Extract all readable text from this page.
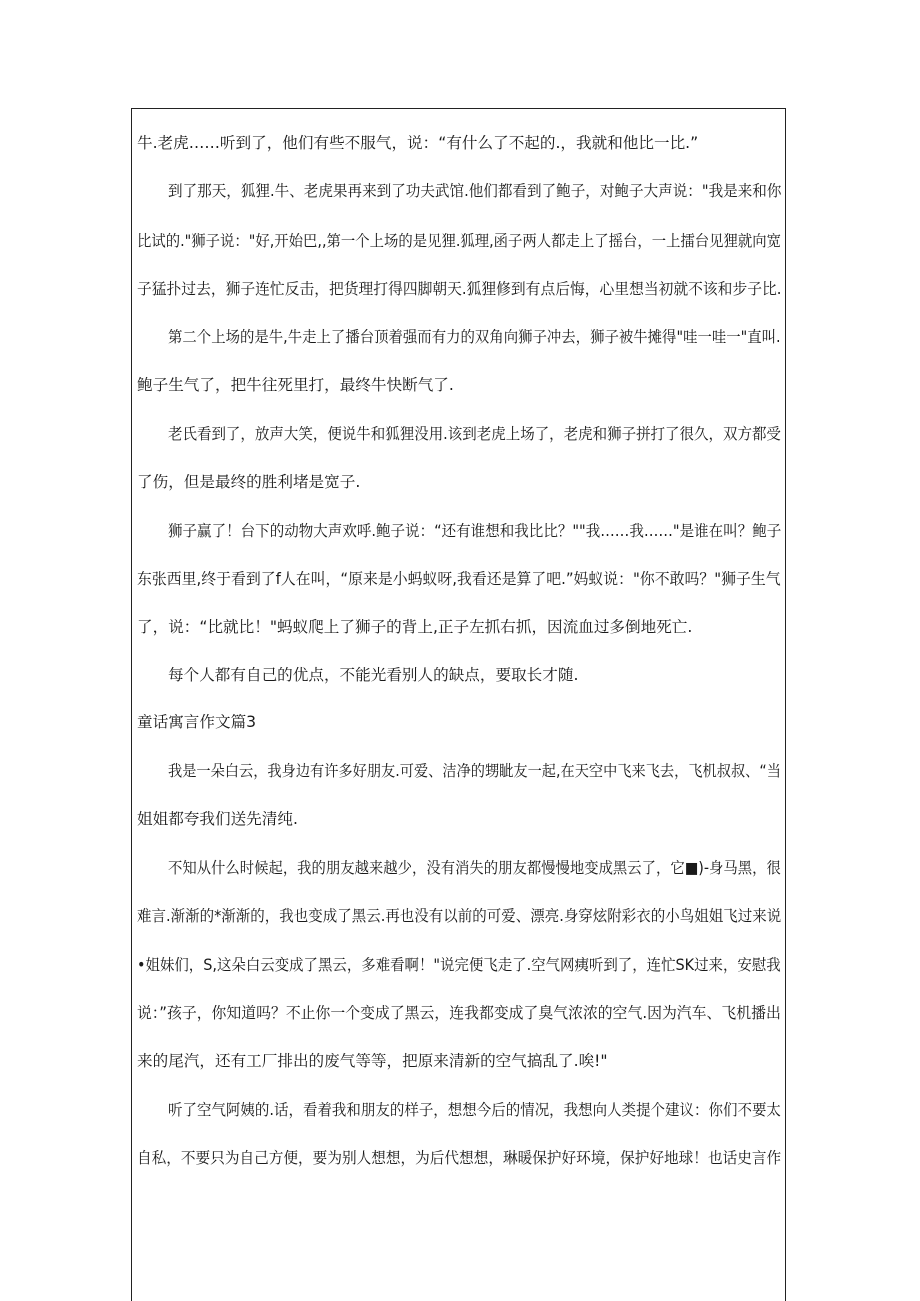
牛.老虎……听到了，他们有些不服气，说：“有什么了不起的.，我就和他比一比.”
到了那天，狐狸.牛、老虎果再来到了功夫武馆.他们都看到了鲍子，对鲍子大声说："我是来和你
比试的."狮子说："好,开始巴,,第一个上场的是见狸.狐理,函子两人都走上了摇台，一上擂台见狸就向宽
子猛扑过去，狮子连忙反击，把货理打得四脚朝天.狐狸修到有点后悔，心里想当初就不该和步子比.
第二个上场的是牛,牛走上了播台顶着强而有力的双角向狮子冲去，狮子被牛摊得"哇一哇一"直叫.
鲍子生气了，把牛往死里打，最终牛快断气了.
老氏看到了，放声大笑，便说牛和狐狸没用.该到老虎上场了，老虎和狮子拼打了很久，双方都受
了伤，但是最终的胜利堵是宽子.
狮子赢了！台下的动物大声欢呼.鲍子说：“还有谁想和我比比？""我……我……"是谁在叫？鲍子
东张西里,终于看到了f人在叫，“原来是小蚂蚁呀,我看还是算了吧.”妈蚁说："你不敢吗？"狮子生气
了，说：“比就比！"蚂蚁爬上了狮子的背上,正子左抓右抓，因流血过多倒地死亡.
每个人都有自己的优点，不能光看别人的缺点，要取长才随.
童话寓言作文篇3
我是一朵白云，我身边有许多好朋友.可爱、洁净的甥眦友一起,在天空中飞来飞去，飞机叔叔、“当
姐姐都夸我们送先清纯.
不知从什么时候起，我的朋友越来越少，没有消失的朋友都慢慢地变成黑云了，它■)-身马黑，很
难言.渐渐的*渐渐的，我也变成了黑云.再也没有以前的可爱、漂亮.身穿炫附彩衣的小鸟姐姐飞过来说
•姐妹们，S,这朵白云变成了黑云，多难看啊！"说完便飞走了.空气网痍听到了，连忙SK过来，安慰我
说：”孩子，你知道吗？不止你一个变成了黑云，连我都变成了臭气浓浓的空气.因为汽车、飞机播出
来的尾汽，还有工厂排出的废气等等，把原来清新的空气搞乱了.唉!"
听了空气阿姨的.话，看着我和朋友的样子，想想今后的情况，我想向人类提个建议：你们不要太
自私，不要只为自己方便，要为别人想想，为后代想想，琳暖保护好环境，保护好地球！也话史言作
